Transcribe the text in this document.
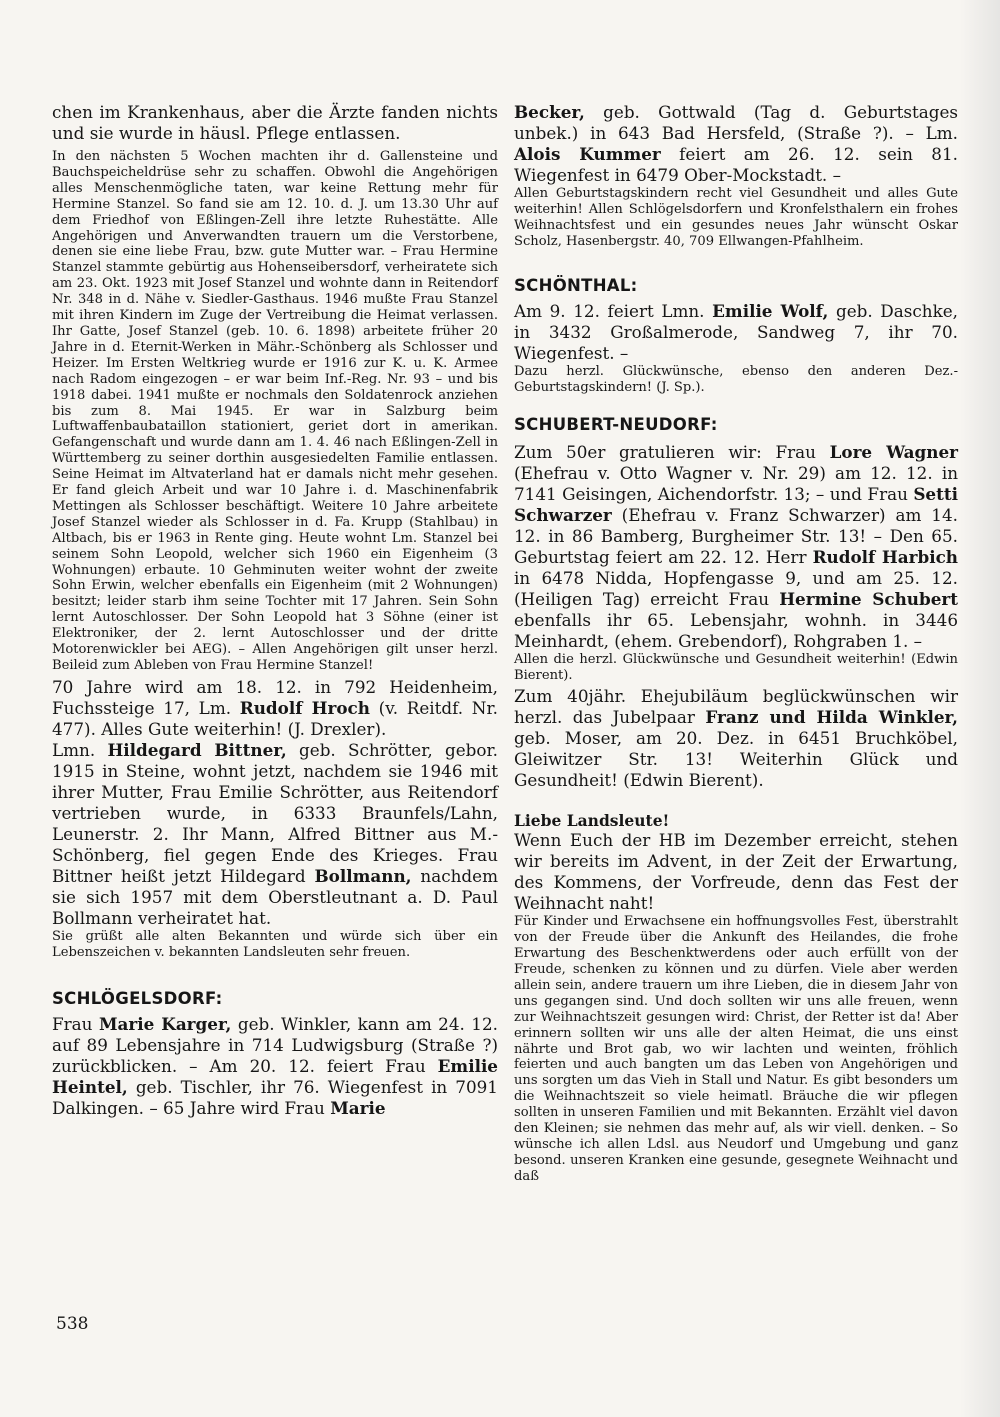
chen im Krankenhaus, aber die Ärzte fanden nichts und sie wurde in häusl. Pflege entlassen.

In den nächsten 5 Wochen machten ihr d. Gallensteine und Bauchspeicheldrüse sehr zu schaffen. Obwohl die Angehörigen alles Menschenmögliche taten, war keine Rettung mehr für Hermine Stanzel. So fand sie am 12. 10. d. J. um 13.30 Uhr auf dem Friedhof von Eßlingen-Zell ihre letzte Ruhestätte. Alle Angehörigen und Anverwandten trauern um die Verstorbene, denen sie eine liebe Frau, bzw. gute Mutter war. – Frau Hermine Stanzel stammte gebürtig aus Hohenseibersdorf, verheiratete sich am 23. Okt. 1923 mit Josef Stanzel und wohnte dann in Reitendorf Nr. 348 in d. Nähe v. Siedler-Gasthaus. 1946 mußte Frau Stanzel mit ihren Kindern im Zuge der Vertreibung die Heimat verlassen. Ihr Gatte, Josef Stanzel (geb. 10. 6. 1898) arbeitete früher 20 Jahre in d. Eternit-Werken in Mähr.-Schönberg als Schlosser und Heizer. Im Ersten Weltkrieg wurde er 1916 zur K. u. K. Armee nach Radom eingezogen – er war beim Inf.-Reg. Nr. 93 – und bis 1918 dabei. 1941 mußte er nochmals den Soldatenrock anziehen bis zum 8. Mai 1945. Er war in Salzburg beim Luftwaffenbaubataillon stationiert, geriet dort in amerikan. Gefangenschaft und wurde dann am 1. 4. 46 nach Eßlingen-Zell in Württemberg zu seiner dorthin ausgesiedelten Familie entlassen. Seine Heimat im Altvaterland hat er damals nicht mehr gesehen. Er fand gleich Arbeit und war 10 Jahre i. d. Maschinenfabrik Mettingen als Schlosser beschäftigt. Weitere 10 Jahre arbeitete Josef Stanzel wieder als Schlosser in d. Fa. Krupp (Stahlbau) in Altbach, bis er 1963 in Rente ging. Heute wohnt Lm. Stanzel bei seinem Sohn Leopold, welcher sich 1960 ein Eigenheim (3 Wohnungen) erbaute. 10 Gehminuten weiter wohnt der zweite Sohn Erwin, welcher ebenfalls ein Eigenheim (mit 2 Wohnungen) besitzt; leider starb ihm seine Tochter mit 17 Jahren. Sein Sohn lernt Autoschlosser. Der Sohn Leopold hat 3 Söhne (einer ist Elektroniker, der 2. lernt Autoschlosser und der dritte Motorenwickler bei AEG). – Allen Angehörigen gilt unser herzl. Beileid zum Ableben von Frau Hermine Stanzel!

70 Jahre wird am 18. 12. in 792 Heidenheim, Fuchssteige 17, Lm. Rudolf Hroch (v. Reitdf. Nr. 477). Alles Gute weiterhin! (J. Drexler).

Lmn. Hildegard Bittner, geb. Schrötter, gebor. 1915 in Steine, wohnt jetzt, nachdem sie 1946 mit ihrer Mutter, Frau Emilie Schrötter, aus Reitendorf vertrieben wurde, in 6333 Braunfels/Lahn, Leunerstr. 2. Ihr Mann, Alfred Bittner aus M.-Schönberg, fiel gegen Ende des Krieges. Frau Bittner heißt jetzt Hildegard Bollmann, nachdem sie sich 1957 mit dem Oberstleutnant a. D. Paul Bollmann verheiratet hat.

Sie grüßt alle alten Bekannten und würde sich über ein Lebenszeichen v. bekannten Landsleuten sehr freuen.

SCHLÖGELSDORF:

Frau Marie Karger, geb. Winkler, kann am 24. 12. auf 89 Lebensjahre in 714 Ludwigsburg (Straße ?) zurückblicken. – Am 20. 12. feiert Frau Emilie Heintel, geb. Tischler, ihr 76. Wiegenfest in 7091 Dalkingen. – 65 Jahre wird Frau Marie

Becker, geb. Gottwald (Tag d. Geburtstages unbek.) in 643 Bad Hersfeld, (Straße ?). – Lm. Alois Kummer feiert am 26. 12. sein 81. Wiegenfest in 6479 Ober-Mockstadt. –

Allen Geburtstagskindern recht viel Gesundheit und alles Gute weiterhin! Allen Schlögelsdorfern und Kronfelsthalern ein frohes Weihnachtsfest und ein gesundes neues Jahr wünscht Oskar Scholz, Hasenbergstr. 40, 709 Ellwangen-Pfahlheim.

SCHÖNTHAL:

Am 9. 12. feiert Lmn. Emilie Wolf, geb. Daschke, in 3432 Großalmerode, Sandweg 7, ihr 70. Wiegenfest. –

Dazu herzl. Glückwünsche, ebenso den anderen Dez.-Geburtstagskindern! (J. Sp.).

SCHUBERT-NEUDORF:

Zum 50er gratulieren wir: Frau Lore Wagner (Ehefrau v. Otto Wagner v. Nr. 29) am 12. 12. in 7141 Geisingen, Aichendorfstr. 13; – und Frau Setti Schwarzer (Ehefrau v. Franz Schwarzer) am 14. 12. in 86 Bamberg, Burgheimer Str. 13! – Den 65. Geburtstag feiert am 22. 12. Herr Rudolf Harbich in 6478 Nidda, Hopfengasse 9, und am 25. 12. (Heiligen Tag) erreicht Frau Hermine Schubert ebenfalls ihr 65. Lebensjahr, wohnh. in 3446 Meinhardt, (ehem. Grebendorf), Rohgraben 1. –

Allen die herzl. Glückwünsche und Gesundheit weiterhin! (Edwin Bierent).

Zum 40jähr. Ehejubiläum beglückwünschen wir herzl. das Jubelpaar Franz und Hilda Winkler, geb. Moser, am 20. Dez. in 6451 Bruchköbel, Gleiwitzer Str. 13! Weiterhin Glück und Gesundheit! (Edwin Bierent).

Liebe Landsleute!

Wenn Euch der HB im Dezember erreicht, stehen wir bereits im Advent, in der Zeit der Erwartung, des Kommens, der Vorfreude, denn das Fest der Weihnacht naht!

Für Kinder und Erwachsene ein hoffnungsvolles Fest, überstrahlt von der Freude über die Ankunft des Heilandes, die frohe Erwartung des Beschenktwerdens oder auch erfüllt von der Freude, schenken zu können und zu dürfen. Viele aber werden allein sein, andere trauern um ihre Lieben, die in diesem Jahr von uns gegangen sind. Und doch sollten wir uns alle freuen, wenn zur Weihnachtszeit gesungen wird: Christ, der Retter ist da! Aber erinnern sollten wir uns alle der alten Heimat, die uns einst nährte und Brot gab, wo wir lachten und weinten, fröhlich feierten und auch bangten um das Leben von Angehörigen und uns sorgten um das Vieh in Stall und Natur. Es gibt besonders um die Weihnachtszeit so viele heimatl. Bräuche die wir pflegen sollten in unseren Familien und mit Bekannten. Erzählt viel davon den Kleinen; sie nehmen das mehr auf, als wir viell. denken. – So wünsche ich allen Ldsl. aus Neudorf und Umgebung und ganz besond. unseren Kranken eine gesunde, gesegnete Weihnacht und daß

538
